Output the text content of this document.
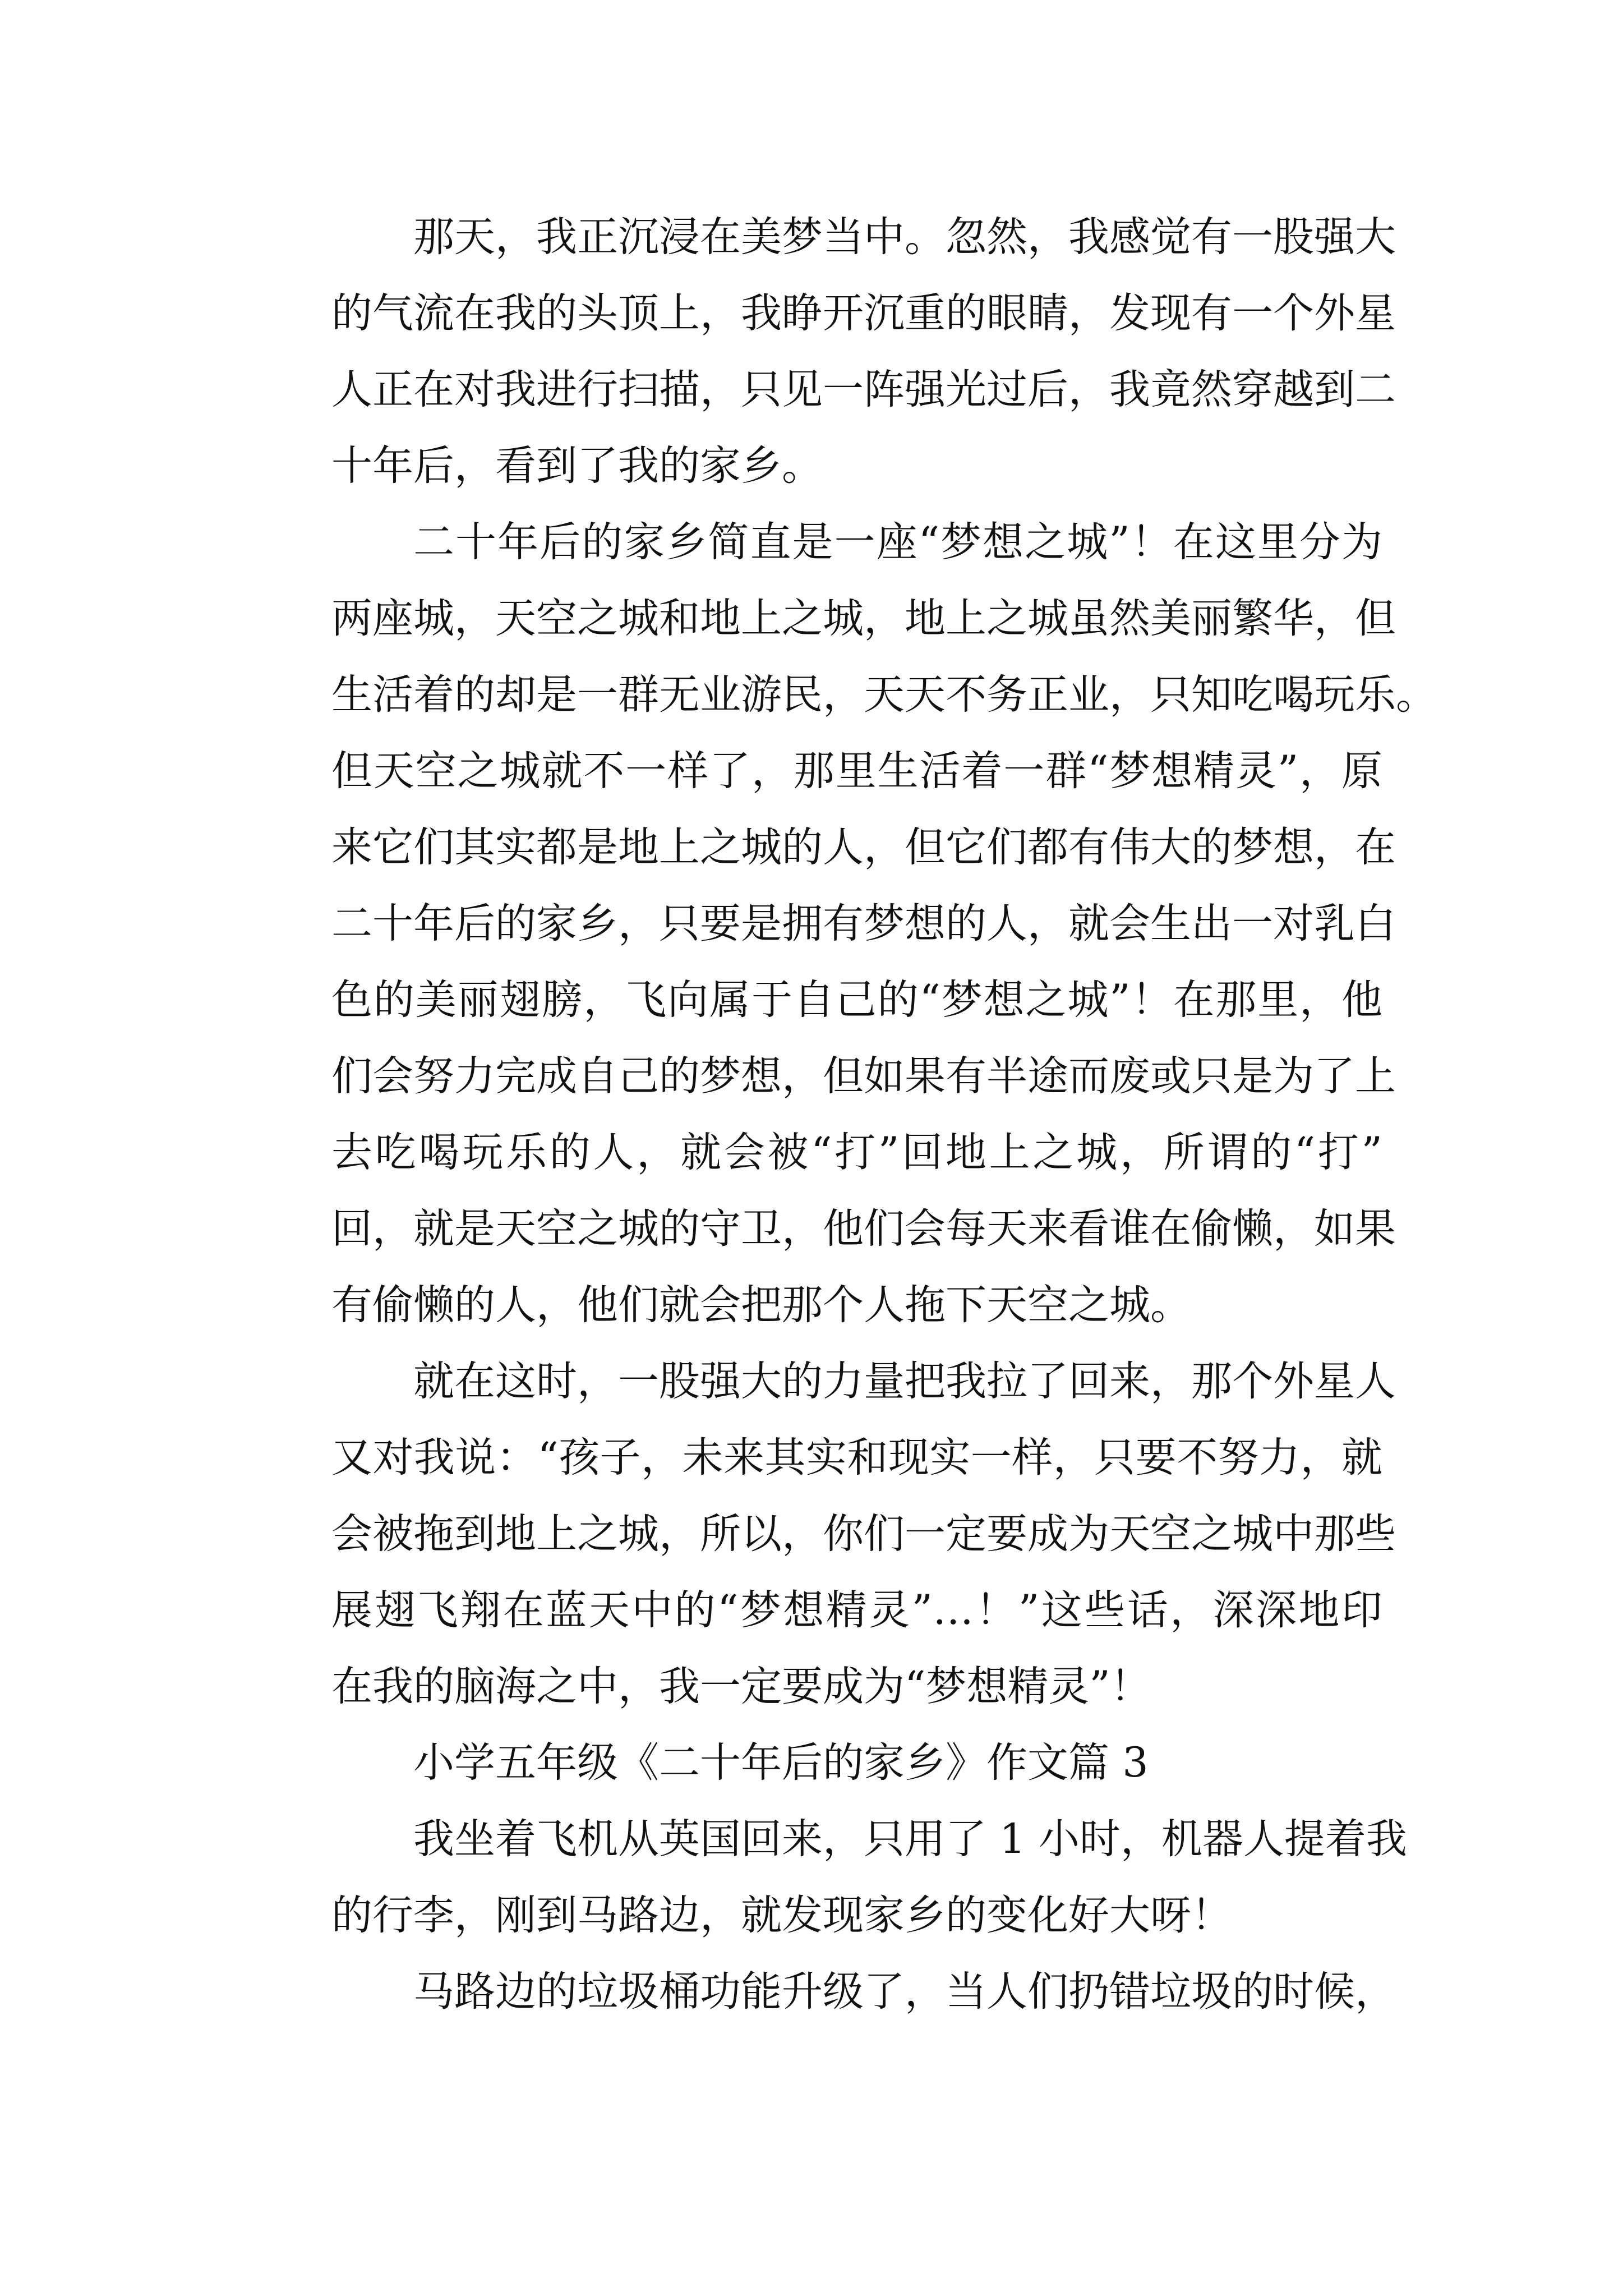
那天，我正沉浸在美梦当中。忽然，我感觉有一股强大
的气流在我的头顶上，我睁开沉重的眼睛，发现有一个外星
人正在对我进行扫描，只见一阵强光过后，我竟然穿越到二
十年后，看到了我的家乡。
二十年后的家乡简直是一座“梦想之城”！在这里分为
两座城，天空之城和地上之城，地上之城虽然美丽繁华，但
生活着的却是一群无业游民，天天不务正业，只知吃喝玩乐。
但天空之城就不一样了，那里生活着一群“梦想精灵”，原
来它们其实都是地上之城的人，但它们都有伟大的梦想，在
二十年后的家乡，只要是拥有梦想的人，就会生出一对乳白
色的美丽翅膀，飞向属于自己的“梦想之城”！在那里，他
们会努力完成自己的梦想，但如果有半途而废或只是为了上
去吃喝玩乐的人，就会被“打”回地上之城，所谓的“打”
回，就是天空之城的守卫，他们会每天来看谁在偷懒，如果
有偷懒的人，他们就会把那个人拖下天空之城。
就在这时，一股强大的力量把我拉了回来，那个外星人
又对我说：“孩子，未来其实和现实一样，只要不努力，就
会被拖到地上之城，所以，你们一定要成为天空之城中那些
展翅飞翔在蓝天中的“梦想精灵”…！”这些话，深深地印
在我的脑海之中，我一定要成为“梦想精灵”！
小学五年级《二十年后的家乡》作文篇 3
我坐着飞机从英国回来，只用了 1 小时，机器人提着我
的行李，刚到马路边，就发现家乡的变化好大呀！
马路边的垃圾桶功能升级了，当人们扔错垃圾的时候，
